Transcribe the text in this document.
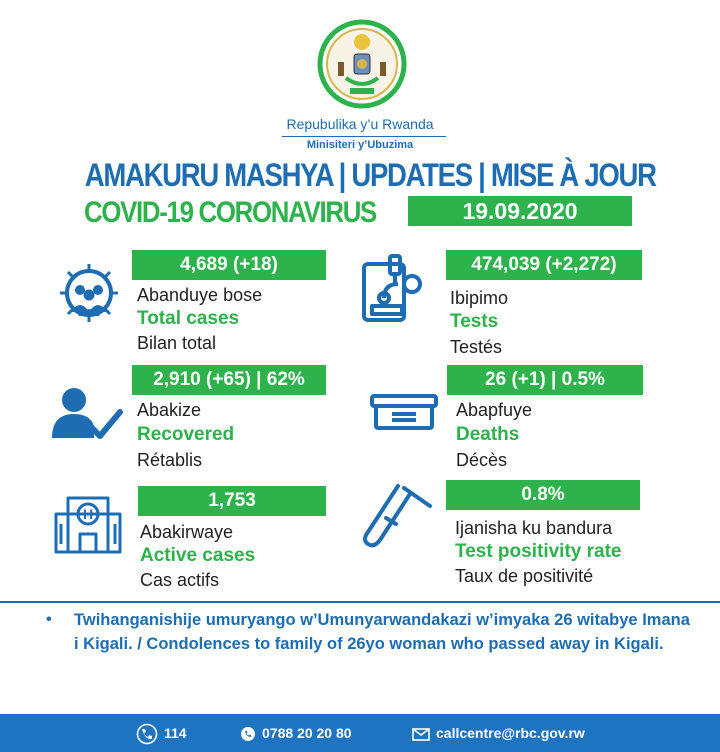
Repubulika y’u Rwanda
Minisiteri y’Ubuzima
AMAKURU MASHYA | UPDATES | MISE À JOUR
COVID-19 CORONAVIRUS	19.09.2020
4,689 (+18)
Abanduye bose
Total cases
Bilan total
474,039 (+2,272)
Ibipimo
Tests
Testés
2,910 (+65) | 62%
Abakize
Recovered
Rétablis
26 (+1) | 0.5%
Abapfuye
Deaths
Décès
H
1,753
Abakirwaye
Active cases
Cas actifs
0.8%
Ijanisha ku bandura
Test positivity rate
Taux de positivité
• Twihanganishije umuryango w’Umunyarwandakazi w’imyaka 26 witabye Imana i Kigali. / Condolences to family of 26yo woman who passed away in Kigali.
114	0788 20 20 80	callcentre@rbc.gov.rw
